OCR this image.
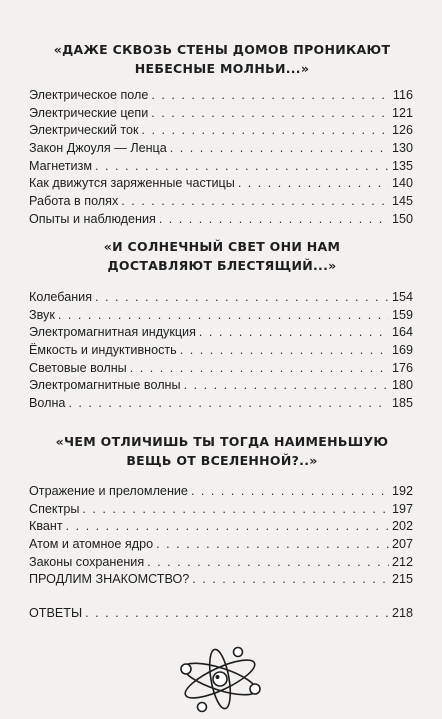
«ДАЖЕ СКВОЗЬ СТЕНЫ ДОМОВ ПРОНИКАЮТ
НЕБЕСНЫЕ МОЛНЬИ...»
Электрическое поле . . .	116
Электрические цепи . . .	121
Электрический ток . . .	126
Закон Джоуля — Ленца . . .	130
Магнетизм . . .	135
Как движутся заряженные частицы . . .	140
Работа в полях . . .	145
Опыты и наблюдения . . .	150
«И СОЛНЕЧНЫЙ СВЕТ ОНИ НАМ
ДОСТАВЛЯЮТ БЛЕСТЯЩИЙ...»
Колебания . . .	154
Звук . . .	159
Электромагнитная индукция . . .	164
Ёмкость и индуктивность . . .	169
Световые волны . . .	176
Электромагнитные волны . . .	180
Волна . . .	185
«ЧЕМ ОТЛИЧИШЬ ТЫ ТОГДА НАИМЕНЬШУЮ
ВЕЩЬ ОТ ВСЕЛЕННОЙ?..»
Отражение и преломление . . .	192
Спектры . . .	197
Квант . . .	202
Атом и атомное ядро . . .	207
Законы сохранения . . .	212
ПРОДЛИМ ЗНАКОМСТВО? . . .	215
ОТВЕТЫ . . .	218
